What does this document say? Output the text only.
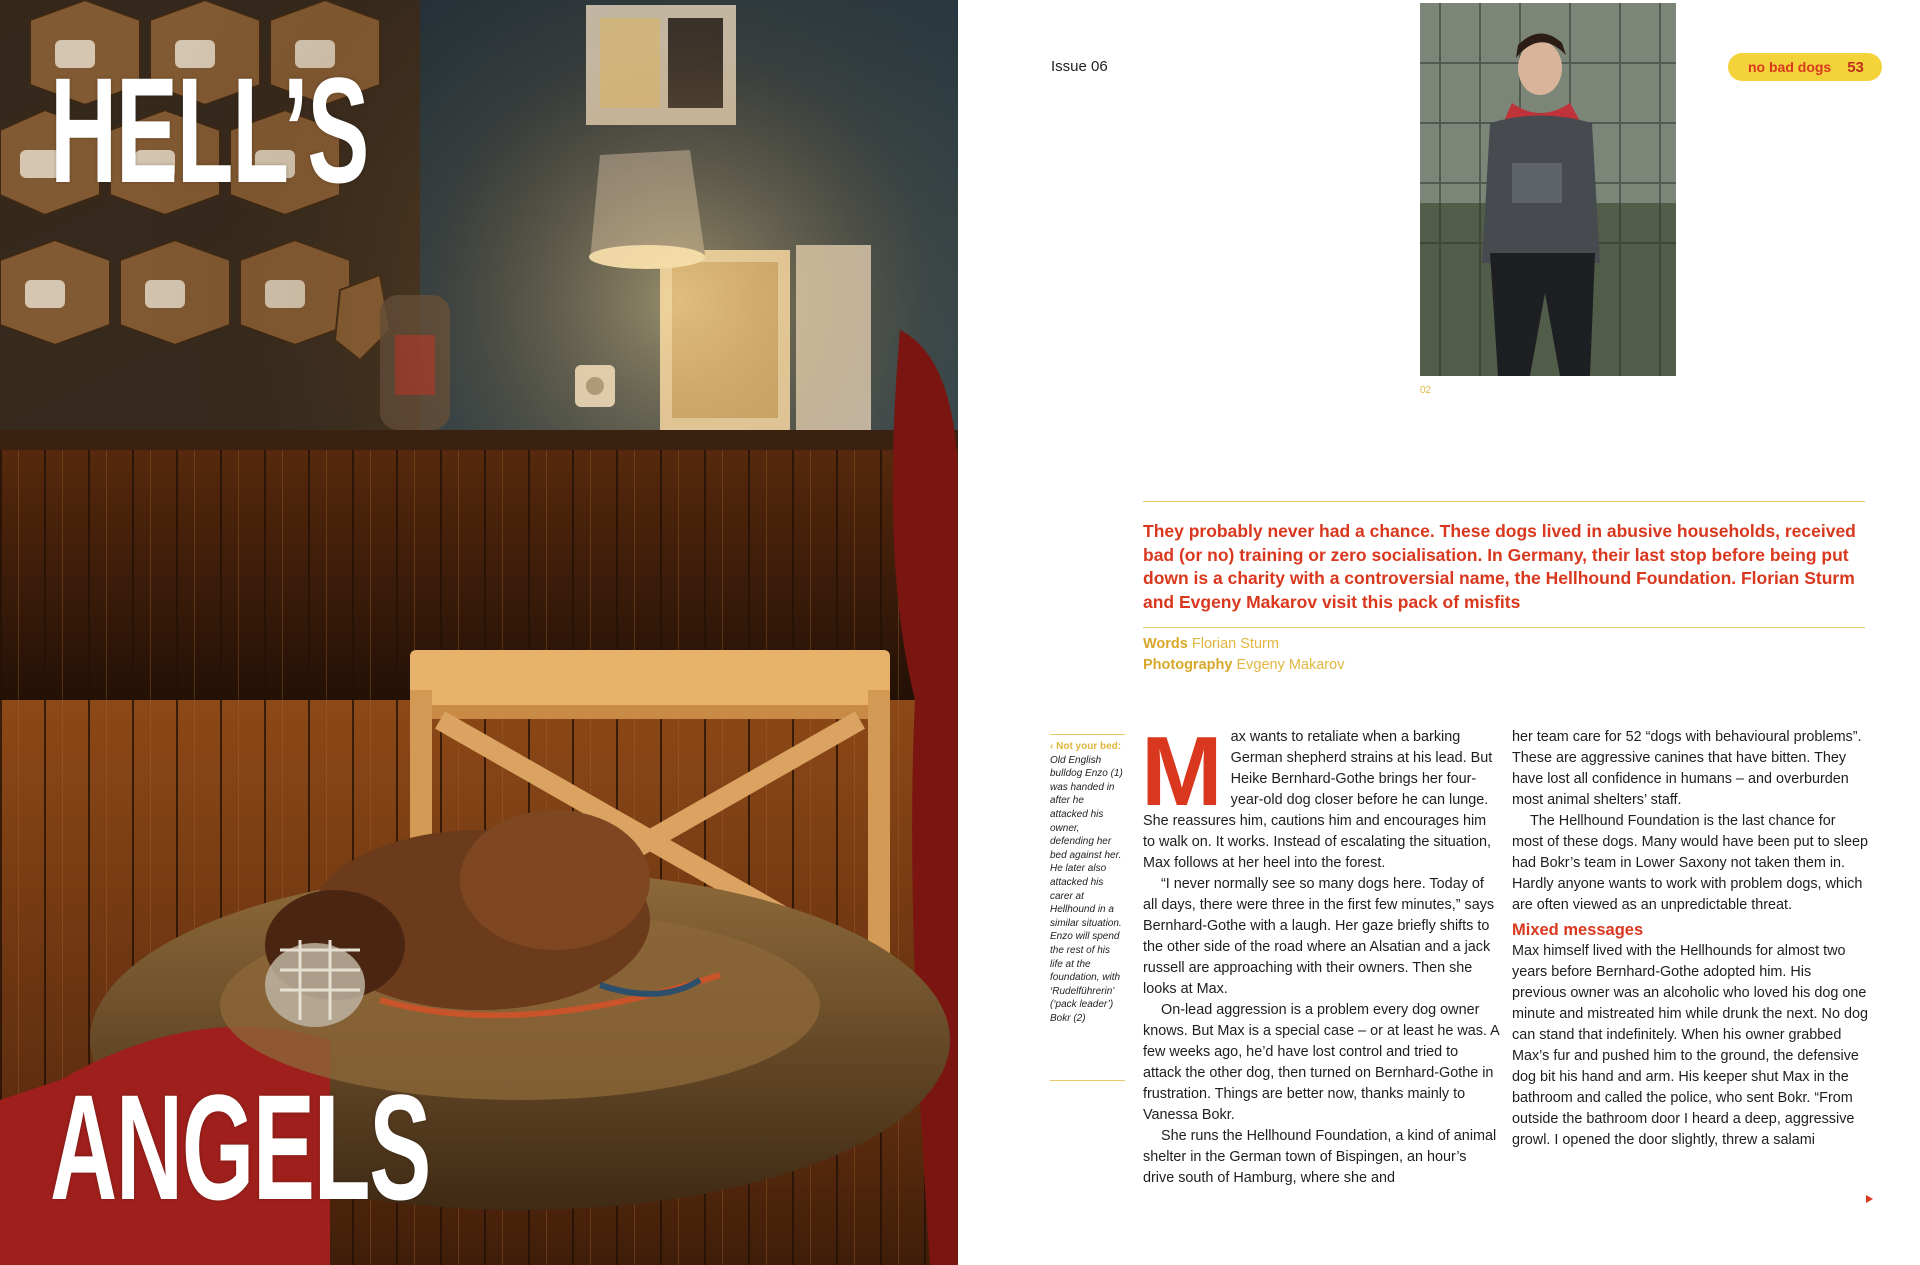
HELL’S
ANGELS
Issue 06	no bad dogs 53
02

They probably never had a chance. These dogs lived in abusive households, received bad (or no) training or zero socialisation. In Germany, their last stop before being put down is a charity with a controversial name, the Hellhound Foundation. Florian Sturm and Evgeny Makarov visit this pack of misfits

Words Florian Sturm
Photography Evgeny Makarov
‹ Not your bed:
Old English bulldog Enzo (1) was handed in after he attacked his owner, defending her bed against her. He later also attacked his carer at Hellhound in a similar situation. Enzo will spend the rest of his life at the foundation, with ‘Rudelführerin’ (‘pack leader’) Bokr (2)

Max wants to retaliate when a barking German shepherd strains at his lead. But Heike Bernhard-Gothe brings her four-year-old dog closer before he can lunge. She reassures him, cautions him and encourages him to walk on. It works. Instead of escalating the situation, Max follows at her heel into the forest.

“I never normally see so many dogs here. Today of all days, there were three in the first few minutes,” says Bernhard-Gothe with a laugh. Her gaze briefly shifts to the other side of the road where an Alsatian and a jack russell are approaching with their owners. Then she looks at Max.

On-lead aggression is a problem every dog owner knows. But Max is a special case – or at least he was. A few weeks ago, he’d have lost control and tried to attack the other dog, then turned on Bernhard-Gothe in frustration. Things are better now, thanks mainly to Vanessa Bokr.

She runs the Hellhound Foundation, a kind of animal shelter in the German town of Bispingen, an hour’s drive south of Hamburg, where she and

her team care for 52 “dogs with behavioural problems”. These are aggressive canines that have bitten. They have lost all confidence in humans – and overburden most animal shelters’ staff.

The Hellhound Foundation is the last chance for most of these dogs. Many would have been put to sleep had Bokr’s team in Lower Saxony not taken them in. Hardly anyone wants to work with problem dogs, which are often viewed as an unpredictable threat.

Mixed messages

Max himself lived with the Hellhounds for almost two years before Bernhard-Gothe adopted him. His previous owner was an alcoholic who loved his dog one minute and mistreated him while drunk the next. No dog can stand that indefinitely. When his owner grabbed Max’s fur and pushed him to the ground, the defensive dog bit his hand and arm. His keeper shut Max in the bathroom and called the police, who sent Bokr. “From outside the bathroom door I heard a deep, aggressive growl. I opened the door slightly, threw a salami
